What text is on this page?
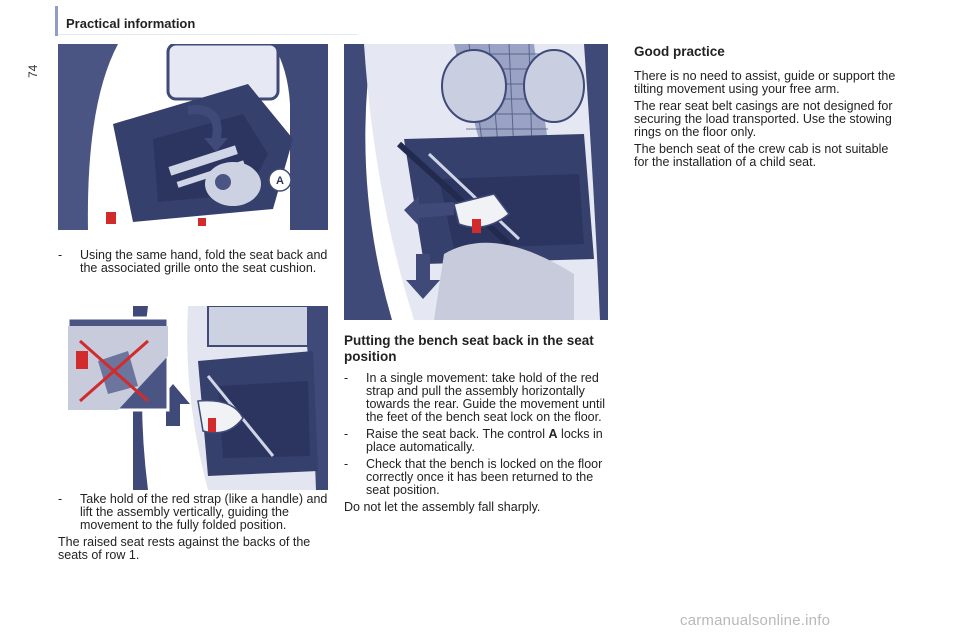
Practical information
74
A
-	Using the same hand, fold the seat back and the associated grille onto the seat cushion.

-	Take hold of the red strap (like a handle) and lift the assembly vertically, guiding the movement to the fully folded position.

The raised seat rests against the backs of the seats of row 1.

Putting the bench seat back in the seat position
-	In a single movement: take hold of the red strap and pull the assembly horizontally towards the rear. Guide the movement until the feet of the bench seat lock on the floor.

-	Raise the seat back. The control A locks in place automatically.

-	Check that the bench is locked on the floor correctly once it has been returned to the seat position.

Do not let the assembly fall sharply.

Good practice

There is no need to assist, guide or support the tilting movement using your free arm.

The rear seat belt casings are not designed for securing the load transported. Use the stowing rings on the floor only.

The bench seat of the crew cab is not suitable for the installation of a child seat.

carmanualsonline.info
